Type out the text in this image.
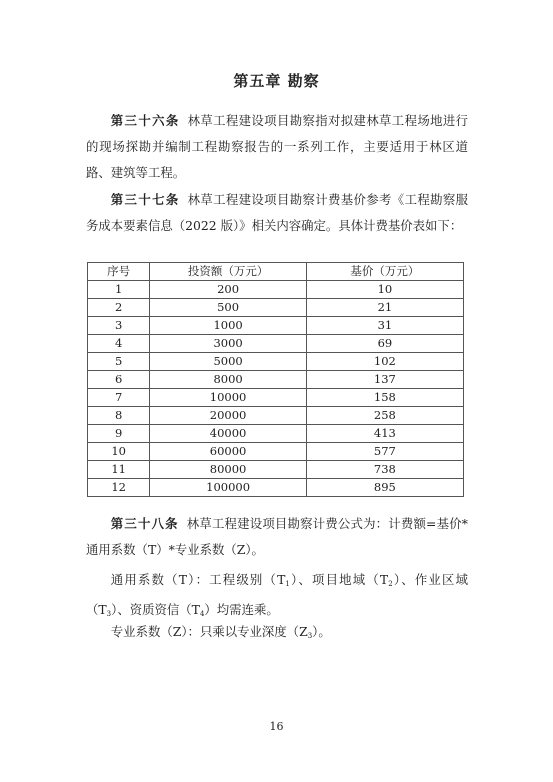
第五章 勘察

第三十六条 林草工程建设项目勘察指对拟建林草工程场地进行的现场探勘并编制工程勘察报告的一系列工作，主要适用于林区道路、建筑等工程。

第三十七条 林草工程建设项目勘察计费基价参考《工程勘察服务成本要素信息（2022 版）》相关内容确定。具体计费基价表如下：

序号	投资额（万元）	基价（万元）
1	200	10
2	500	21
3	1000	31
4	3000	69
5	5000	102
6	8000	137
7	10000	158
8	20000	258
9	40000	413
10	60000	577
11	80000	738
12	100000	895

第三十八条 林草工程建设项目勘察计费公式为：计费额=基价*通用系数（T）*专业系数（Z）。

通用系数（T）：工程级别$(T_1)$、项目地域$(T_2)$、作业区域$(T_3)$、资质资信$(T_4)$均需连乘。

专业系数（Z）：只乘以专业深度$(Z_3)$。

16
